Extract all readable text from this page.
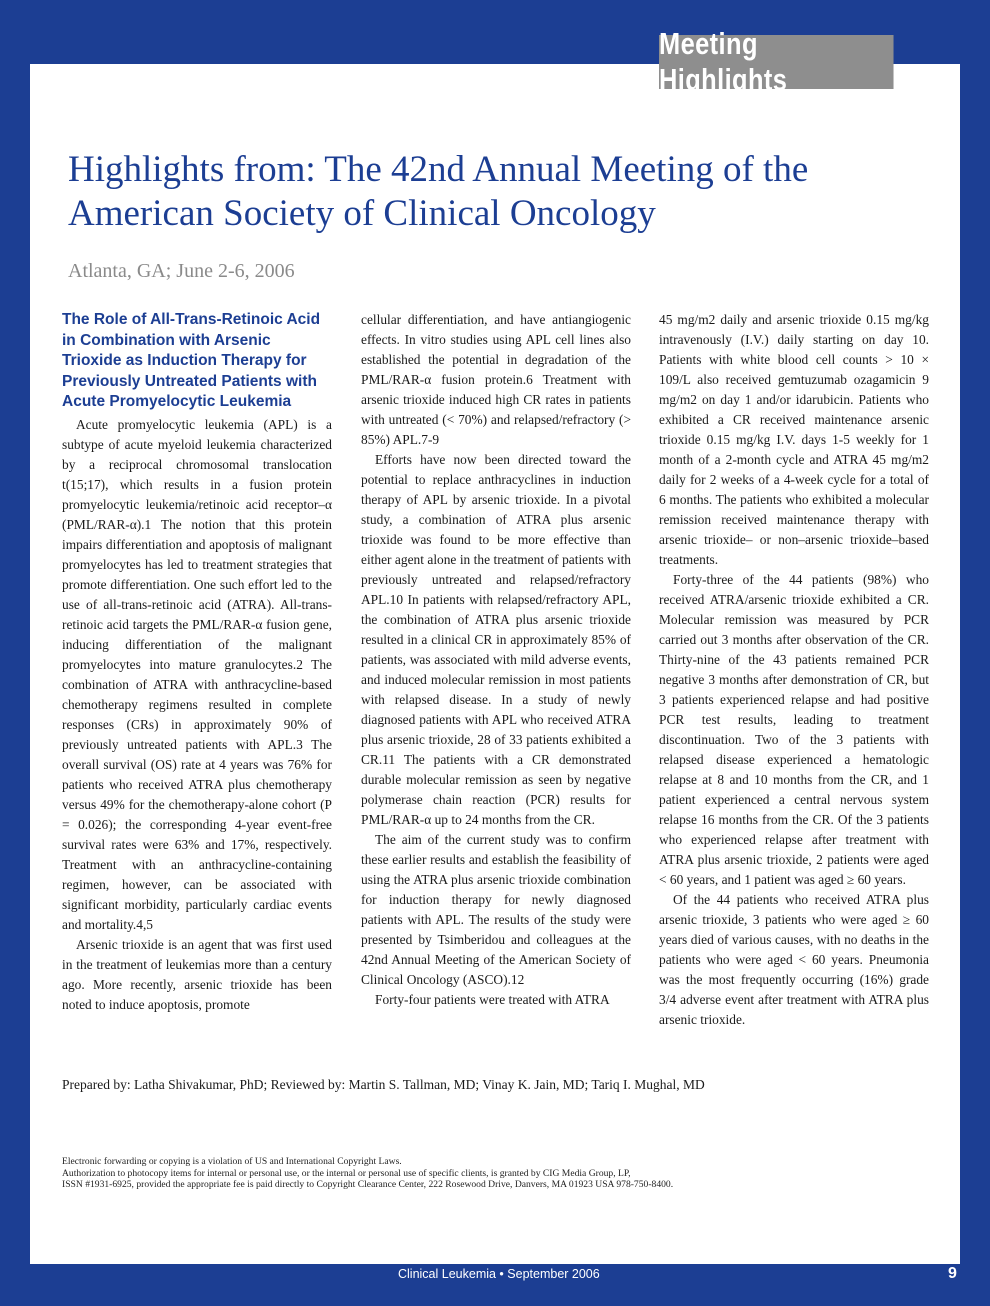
Meeting Highlights
Highlights from: The 42nd Annual Meeting of the American Society of Clinical Oncology
Atlanta, GA; June 2-6, 2006
The Role of All-Trans-Retinoic Acid in Combination with Arsenic Trioxide as Induction Therapy for Previously Untreated Patients with Acute Promyelocytic Leukemia

Acute promyelocytic leukemia (APL) is a subtype of acute myeloid leukemia characterized by a reciprocal chromosomal translocation t(15;17), which results in a fusion protein promyelocytic leukemia/retinoic acid receptor–α (PML/RAR-α).1 The notion that this protein impairs differentiation and apoptosis of malignant promyelocytes has led to treatment strategies that promote differentiation. One such effort led to the use of all-trans-retinoic acid (ATRA). All-trans-retinoic acid targets the PML/RAR-α fusion gene, inducing differentiation of the malignant promyelocytes into mature granulocytes.2 The combination of ATRA with anthracycline-based chemotherapy regimens resulted in complete responses (CRs) in approximately 90% of previously untreated patients with APL.3 The overall survival (OS) rate at 4 years was 76% for patients who received ATRA plus chemotherapy versus 49% for the chemotherapy-alone cohort (P = 0.026); the corresponding 4-year event-free survival rates were 63% and 17%, respectively. Treatment with an anthracycline-containing regimen, however, can be associated with significant morbidity, particularly cardiac events and mortality.4,5

Arsenic trioxide is an agent that was first used in the treatment of leukemias more than a century ago. More recently, arsenic trioxide has been noted to induce apoptosis, promote

cellular differentiation, and have antiangiogenic effects. In vitro studies using APL cell lines also established the potential in degradation of the PML/RAR-α fusion protein.6 Treatment with arsenic trioxide induced high CR rates in patients with untreated (< 70%) and relapsed/refractory (> 85%) APL.7-9

Efforts have now been directed toward the potential to replace anthracyclines in induction therapy of APL by arsenic trioxide. In a pivotal study, a combination of ATRA plus arsenic trioxide was found to be more effective than either agent alone in the treatment of patients with previously untreated and relapsed/refractory APL.10 In patients with relapsed/refractory APL, the combination of ATRA plus arsenic trioxide resulted in a clinical CR in approximately 85% of patients, was associated with mild adverse events, and induced molecular remission in most patients with relapsed disease. In a study of newly diagnosed patients with APL who received ATRA plus arsenic trioxide, 28 of 33 patients exhibited a CR.11 The patients with a CR demonstrated durable molecular remission as seen by negative polymerase chain reaction (PCR) results for PML/RAR-α up to 24 months from the CR.

The aim of the current study was to confirm these earlier results and establish the feasibility of using the ATRA plus arsenic trioxide combination for induction therapy for newly diagnosed patients with APL. The results of the study were presented by Tsimberidou and colleagues at the 42nd Annual Meeting of the American Society of Clinical Oncology (ASCO).12

Forty-four patients were treated with ATRA

45 mg/m2 daily and arsenic trioxide 0.15 mg/kg intravenously (I.V.) daily starting on day 10. Patients with white blood cell counts > 10 × 109/L also received gemtuzumab ozagamicin 9 mg/m2 on day 1 and/or idarubicin. Patients who exhibited a CR received maintenance arsenic trioxide 0.15 mg/kg I.V. days 1-5 weekly for 1 month of a 2-month cycle and ATRA 45 mg/m2 daily for 2 weeks of a 4-week cycle for a total of 6 months. The patients who exhibited a molecular remission received maintenance therapy with arsenic trioxide– or non–arsenic trioxide–based treatments.

Forty-three of the 44 patients (98%) who received ATRA/arsenic trioxide exhibited a CR. Molecular remission was measured by PCR carried out 3 months after observation of the CR. Thirty-nine of the 43 patients remained PCR negative 3 months after demonstration of CR, but 3 patients experienced relapse and had positive PCR test results, leading to treatment discontinuation. Two of the 3 patients with relapsed disease experienced a hematologic relapse at 8 and 10 months from the CR, and 1 patient experienced a central nervous system relapse 16 months from the CR. Of the 3 patients who experienced relapse after treatment with ATRA plus arsenic trioxide, 2 patients were aged < 60 years, and 1 patient was aged ≥ 60 years.

Of the 44 patients who received ATRA plus arsenic trioxide, 3 patients who were aged ≥ 60 years died of various causes, with no deaths in the patients who were aged < 60 years. Pneumonia was the most frequently occurring (16%) grade 3/4 adverse event after treatment with ATRA plus arsenic trioxide.

Prepared by: Latha Shivakumar, PhD; Reviewed by: Martin S. Tallman, MD; Vinay K. Jain, MD; Tariq I. Mughal, MD
Electronic forwarding or copying is a violation of US and International Copyright Laws.
Authorization to photocopy items for internal or personal use, or the internal or personal use of specific clients, is granted by CIG Media Group, LP,
ISSN #1931-6925, provided the appropriate fee is paid directly to Copyright Clearance Center, 222 Rosewood Drive, Danvers, MA 01923 USA 978-750-8400.
Clinical Leukemia • September 2006	9
